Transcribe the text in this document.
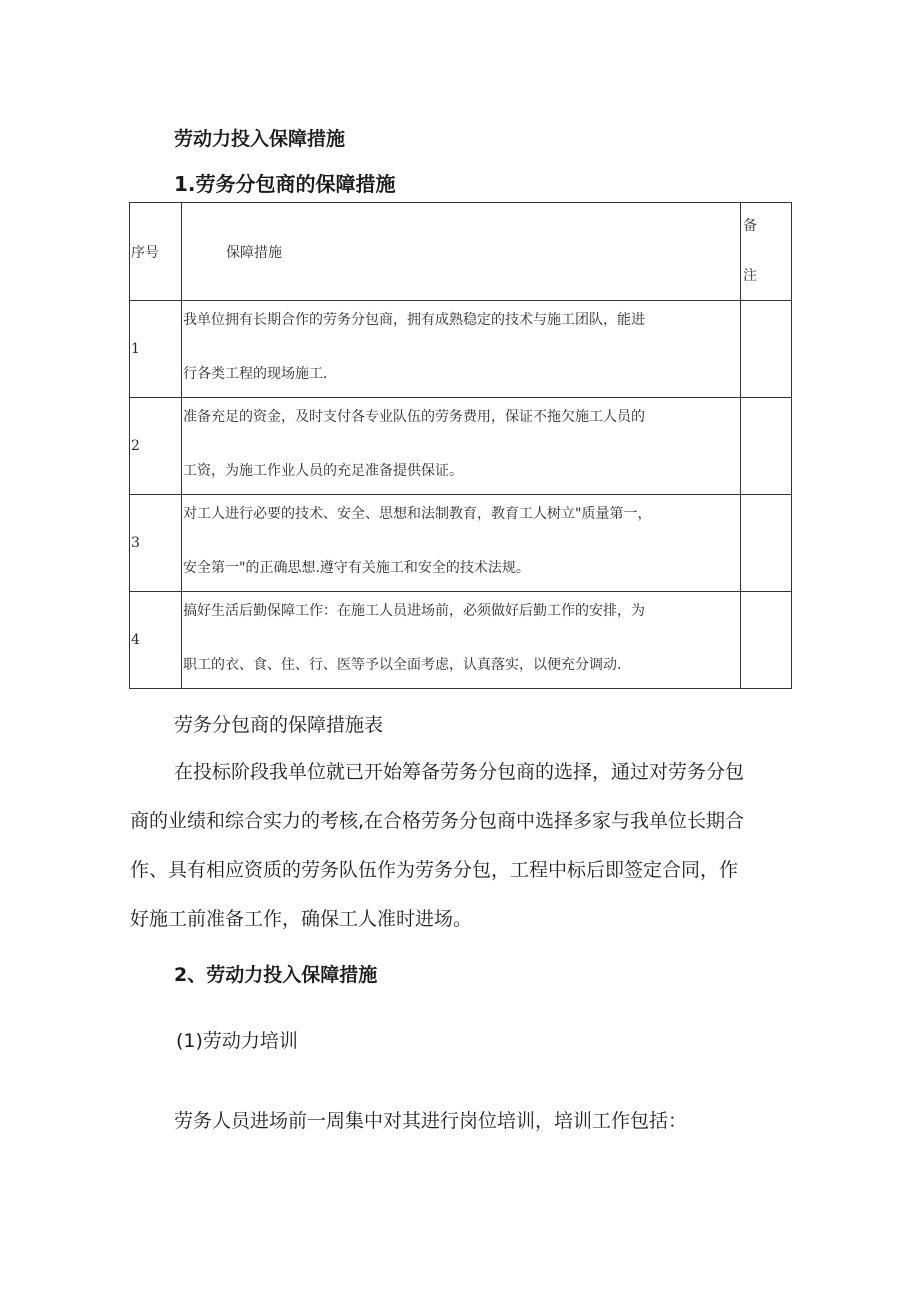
劳动力投入保障措施
1.劳务分包商的保障措施
序号	保障措施	备
注

1	我单位拥有长期合作的劳务分包商，拥有成熟稳定的技术与施工团队，能进
行各类工程的现场施工.	

2	准备充足的资金，及时支付各专业队伍的劳务费用，保证不拖欠施工人员的
工资，为施工作业人员的充足准备提供保证。	

3	对工人进行必要的技术、安全、思想和法制教育，教育工人树立"质量第一，
安全第一"的正确思想.遵守有关施工和安全的技术法规。	

4	搞好生活后勤保障工作：在施工人员进场前，必须做好后勤工作的安排，为
职工的衣、食、住、行、医等予以全面考虑，认真落实，以便充分调动.	

劳务分包商的保障措施表
在投标阶段我单位就已开始筹备劳务分包商的选择，通过对劳务分包
商的业绩和综合实力的考核,在合格劳务分包商中选择多家与我单位长期合
作、具有相应资质的劳务队伍作为劳务分包，工程中标后即签定合同，作
好施工前准备工作，确保工人准时进场。
2、劳动力投入保障措施
(1)劳动力培训
劳务人员进场前一周集中对其进行岗位培训，培训工作包括：
